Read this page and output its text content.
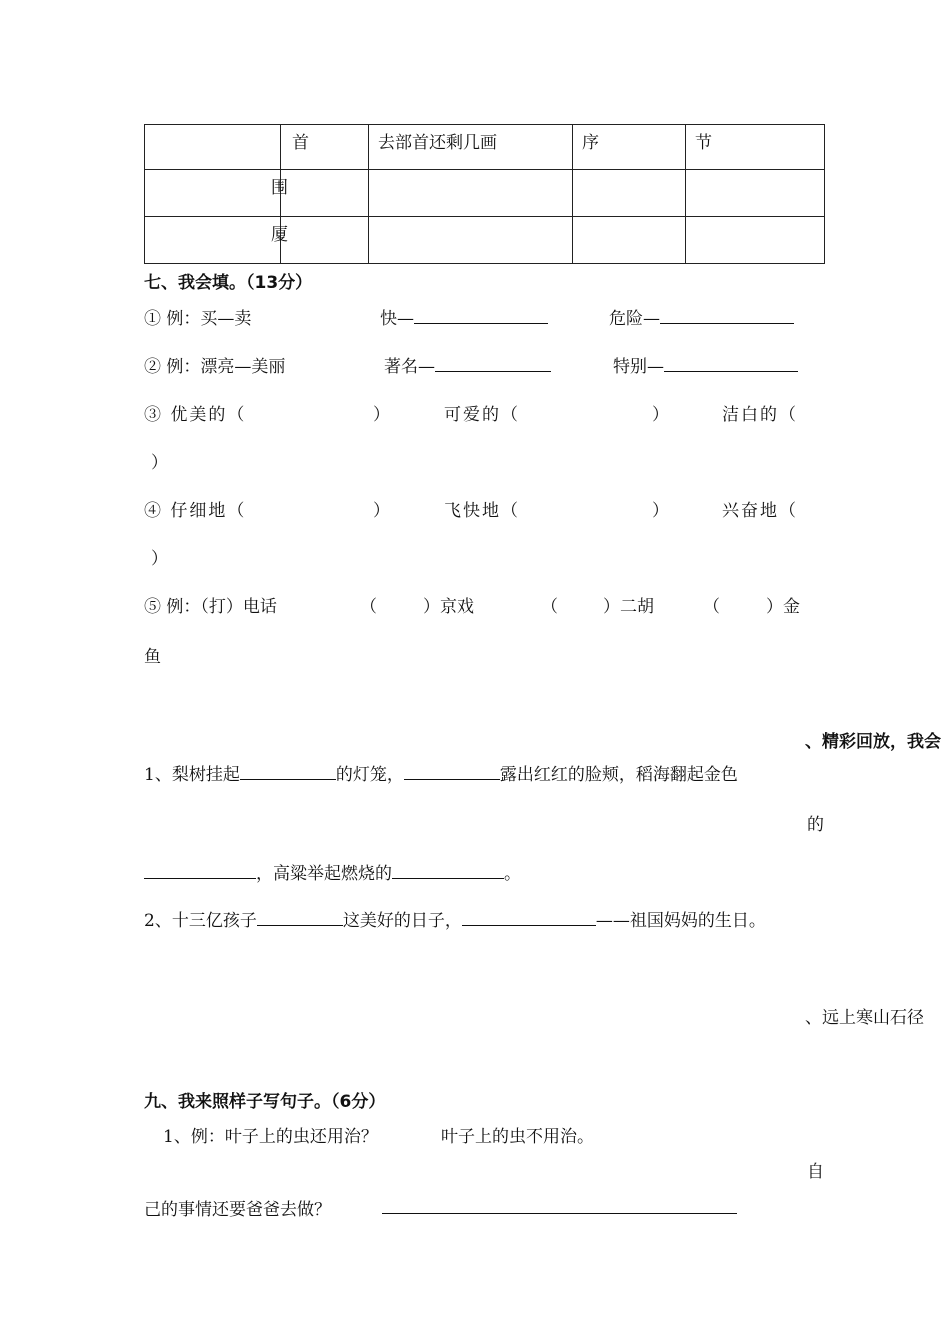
	首	去部首还剩几画	序	节

	围			

	厦			

七、我会填。（13分）
① 例：买—卖	快—	危险—
② 例：漂亮—美丽	著名—	特别—
③ 优美的（	）	可爱的（	）	洁白的（
）
④ 仔细地（	）	飞快地（	）	兴奋地（
）
⑤ 例：（打）电话	（	）京戏	（	）二胡	（	）金
鱼
、精彩回放，我会
1、梨树挂起	的灯笼，	露出红红的脸颊，稻海翻起金色
的
，高粱举起燃烧的	。
2、十三亿孩子	这美好的日子，	——祖国妈妈的生日。
、远上寒山石径
九、我来照样子写句子。（6分）
1、例：叶子上的虫还用治？	叶子上的虫不用治。
自
己的事情还要爸爸去做？
